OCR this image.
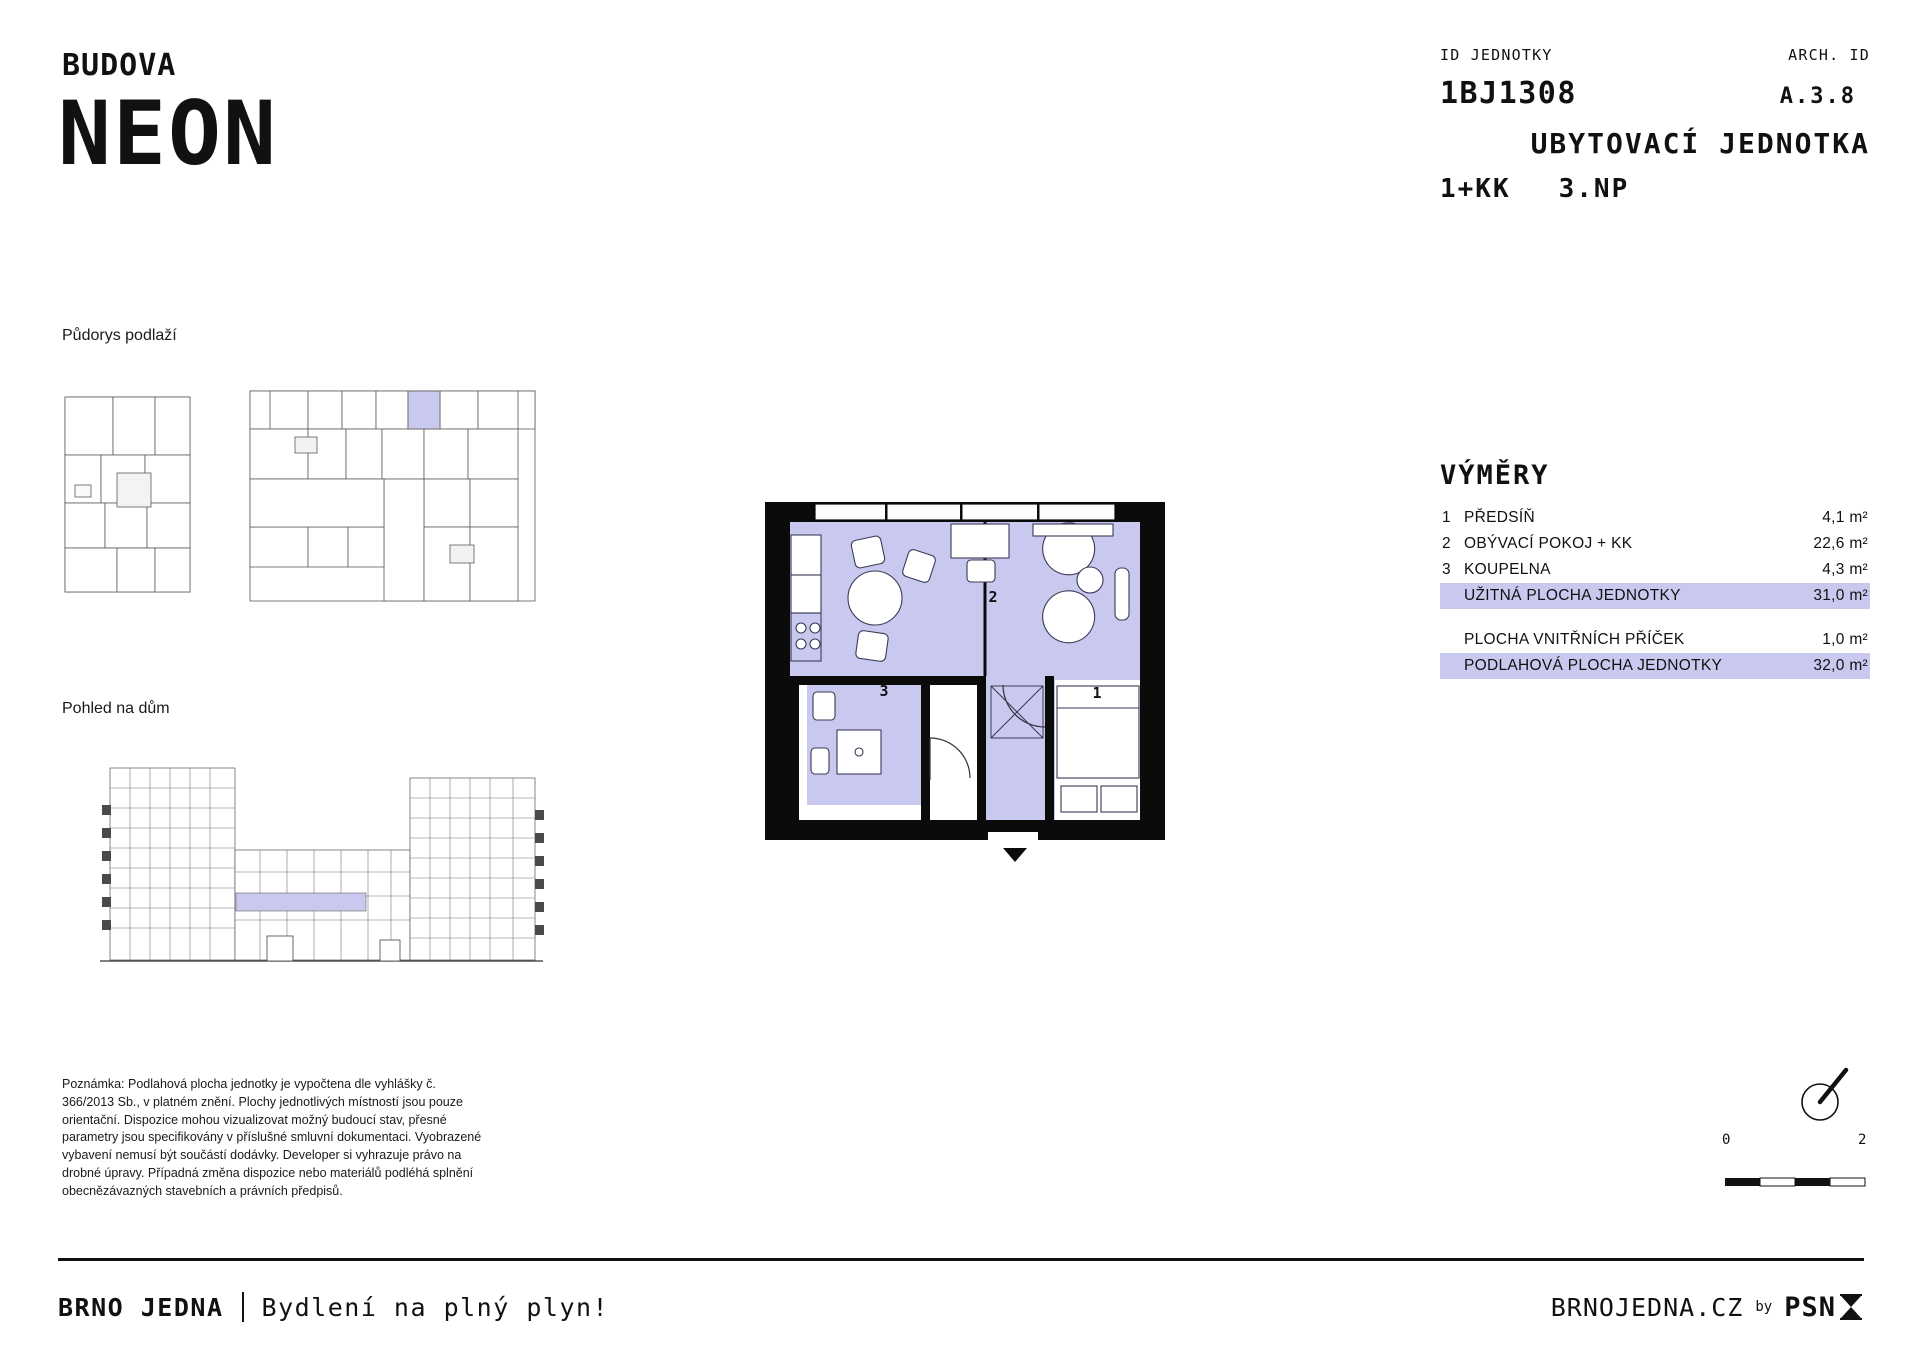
BUDOVA
NEON
ID JEDNOTKY	ARCH. ID
1BJ1308	A.3.8
UBYTOVACÍ JEDNOTKA
1+KK 3.NP
Půdorys podlaží
Pohled na dům
Poznámka: Podlahová plocha jednotky je vypočtena dle vyhlášky č. 366/2013 Sb., v platném znění. Plochy jednotlivých místností jsou pouze orientační. Dispozice mohou vizualizovat možný budoucí stav, přesné parametry jsou specifikovány v příslušné smluvní dokumentaci. Vyobrazené vybavení nemusí být součástí dodávky. Developer si vyhrazuje právo na drobné úpravy. Případná změna dispozice nebo materiálů podléhá splnění obecnězávazných stavebních a právních předpisů.
VÝMĚRY
1 PŘEDSÍŇ	4,1 m²
2 OBÝVACÍ POKOJ + KK	22,6 m²
3 KOUPELNA	4,3 m²
UŽITNÁ PLOCHA JEDNOTKY	31,0 m²
PLOCHA VNITŘNÍCH PŘÍČEK	1,0 m²
PODLAHOVÁ PLOCHA JEDNOTKY	32,0 m²
1
2
3
0	2
BRNO JEDNA Bydlení na plný plyn!	BRNOJEDNA.CZ by PSN
